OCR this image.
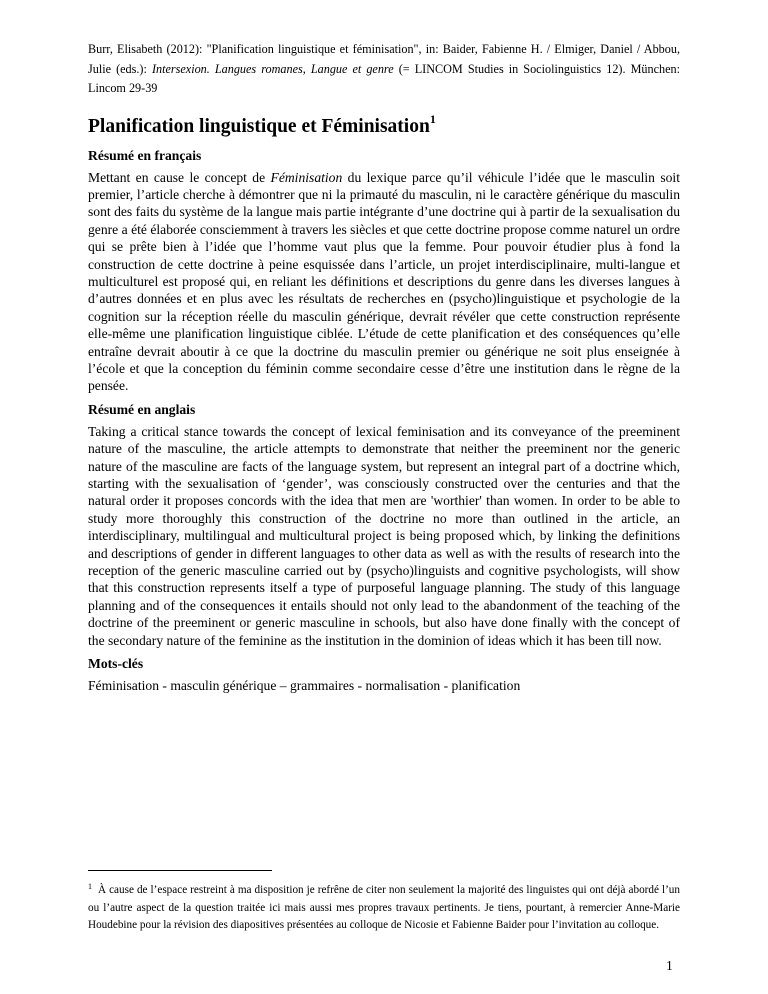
Burr, Elisabeth (2012): "Planification linguistique et féminisation", in: Baider, Fabienne H. / Elmiger, Daniel / Abbou, Julie (eds.): Intersexion. Langues romanes, Langue et genre (= LINCOM Studies in Sociolinguistics 12). München: Lincom 29-39

Planification linguistique et Féminisation$^1$
Résumé en français

Mettant en cause le concept de Féminisation du lexique parce qu’il véhicule l’idée que le masculin soit premier, l’article cherche à démontrer que ni la primauté du masculin, ni le caractère générique du masculin sont des faits du système de la langue mais partie intégrante d’une doctrine qui à partir de la sexualisation du genre a été élaborée consciemment à travers les siècles et que cette doctrine propose comme naturel un ordre qui se prête bien à l’idée que l’homme vaut plus que la femme. Pour pouvoir étudier plus à fond la construction de cette doctrine à peine esquissée dans l’article, un projet interdisciplinaire, multi-langue et multiculturel est proposé qui, en reliant les définitions et descriptions du genre dans les diverses langues à d’autres données et en plus avec les résultats de recherches en (psycho)linguistique et psychologie de la cognition sur la réception réelle du masculin générique, devrait révéler que cette construction représente elle-même une planification linguistique ciblée. L’étude de cette planification et des conséquences qu’elle entraîne devrait aboutir à ce que la doctrine du masculin premier ou générique ne soit plus enseignée à l’école et que la conception du féminin comme secondaire cesse d’être une institution dans le règne de la pensée.

Résumé en anglais

Taking a critical stance towards the concept of lexical feminisation and its conveyance of the preeminent nature of the masculine, the article attempts to demonstrate that neither the preeminent nor the generic nature of the masculine are facts of the language system, but represent an integral part of a doctrine which, starting with the sexualisation of ‘gender’, was consciously constructed over the centuries and that the natural order it proposes concords with the idea that men are 'worthier' than women. In order to be able to study more thoroughly this construction of the doctrine no more than outlined in the article, an interdisciplinary, multilingual and multicultural project is being proposed which, by linking the definitions and descriptions of gender in different languages to other data as well as with the results of research into the reception of the generic masculine carried out by (psycho)linguists and cognitive psychologists, will show that this construction represents itself a type of purposeful language planning. The study of this language planning and of the consequences it entails should not only lead to the abandonment of the teaching of the doctrine of the preeminent or generic masculine in schools, but also have done finally with the concept of the secondary nature of the feminine as the institution in the dominion of ideas which it has been till now.

Mots-clés

Féminisation - masculin générique – grammaires - normalisation - planification

$^1$ À cause de l’espace restreint à ma disposition je refrêne de citer non seulement la majorité des linguistes qui ont déjà abordé l’un ou l’autre aspect de la question traitée ici mais aussi mes propres travaux pertinents. Je tiens, pourtant, à remercier Anne-Marie Houdebine pour la révision des diapositives présentées au colloque de Nicosie et Fabienne Baider pour l’invitation au colloque.

1
